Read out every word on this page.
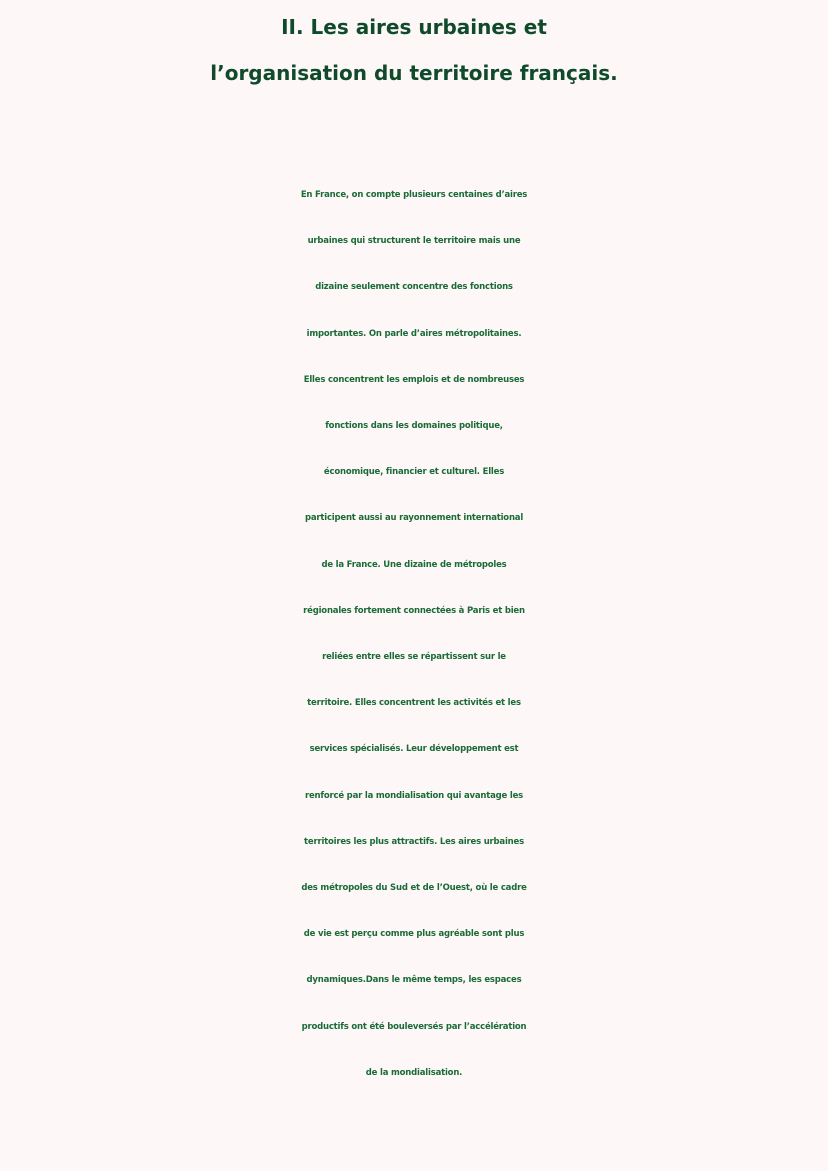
II. Les aires urbaines et
l’organisation du territoire français.
En France, on compte plusieurs centaines d’aires
urbaines qui structurent le territoire mais une
dizaine seulement concentre des fonctions
importantes. On parle d’aires métropolitaines.
Elles concentrent les emplois et de nombreuses
fonctions dans les domaines politique,
économique, financier et culturel. Elles
participent aussi au rayonnement international
de la France. Une dizaine de métropoles
régionales fortement connectées à Paris et bien
reliées entre elles se répartissent sur le
territoire. Elles concentrent les activités et les
services spécialisés. Leur développement est
renforcé par la mondialisation qui avantage les
territoires les plus attractifs. Les aires urbaines
des métropoles du Sud et de l’Ouest, où le cadre
de vie est perçu comme plus agréable sont plus
dynamiques.Dans le même temps, les espaces
productifs ont été bouleversés par l’accélération
de la mondialisation.
